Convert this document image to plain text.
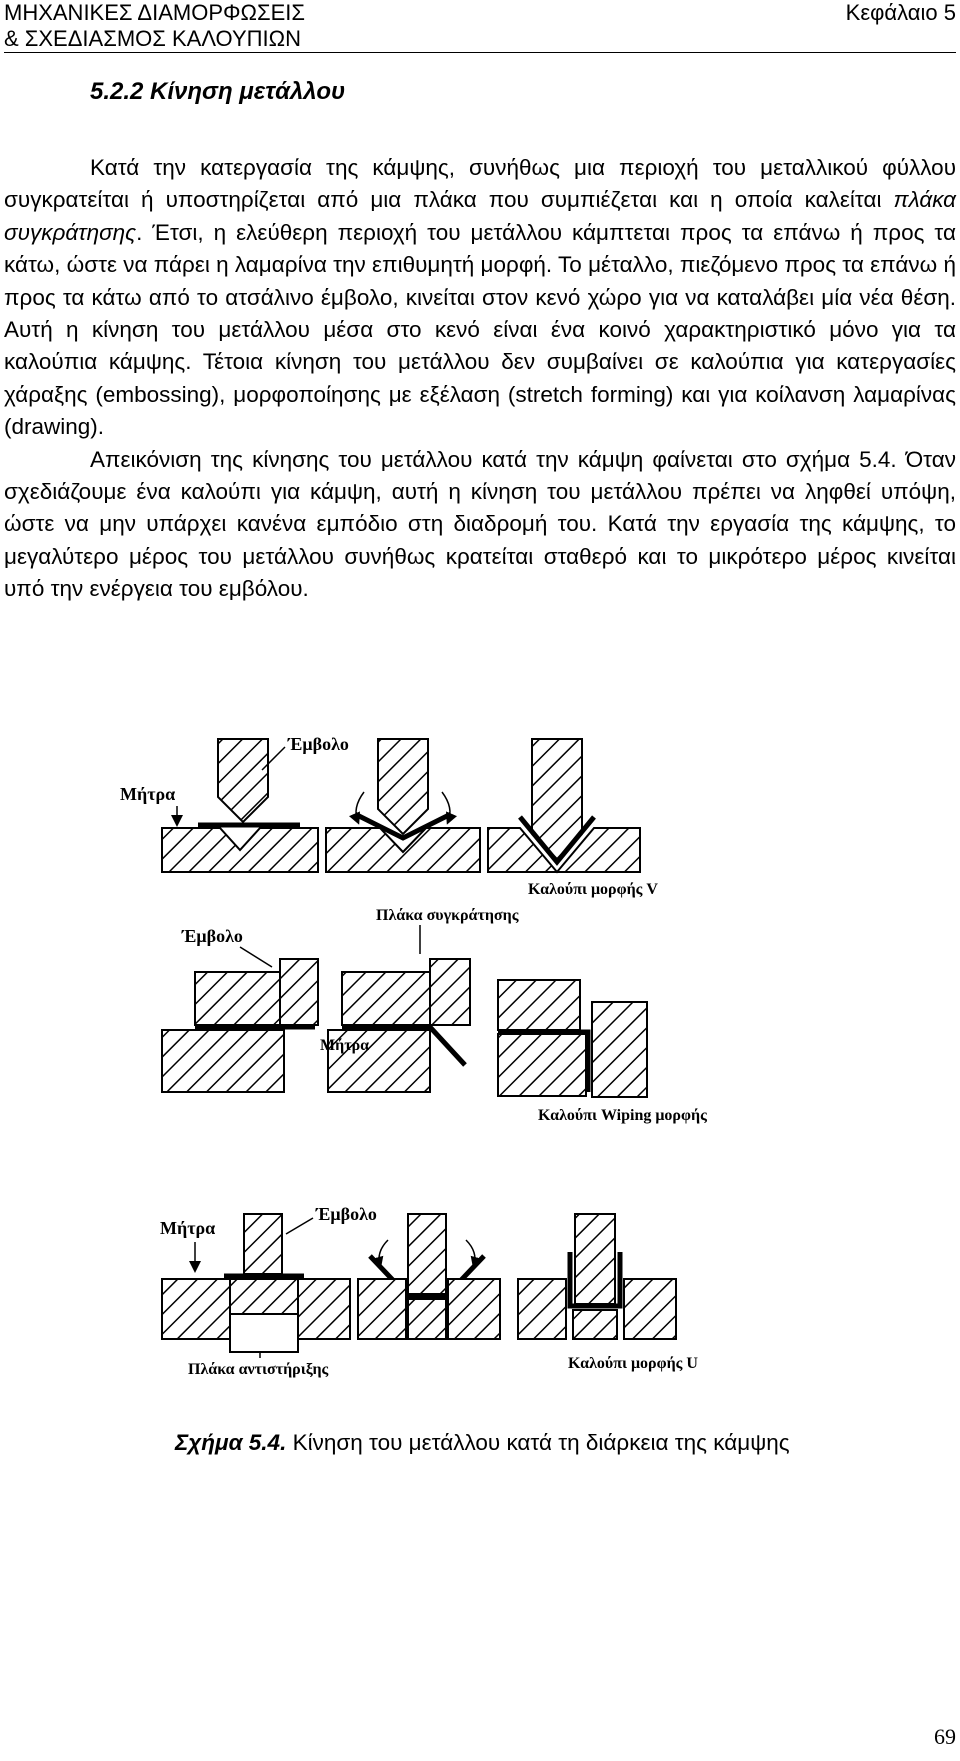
ΜΗΧΑΝΙΚΕΣ ΔΙΑΜΟΡΦΩΣΕΙΣ
& ΣΧΕΔΙΑΣΜΟΣ ΚΑΛΟΥΠΙΩΝ
Κεφάλαιο 5
5.2.2 Κίνηση μετάλλου

Κατά την κατεργασία της κάμψης, συνήθως μια περιοχή του μεταλλικού φύλλου συγκρατείται ή υποστηρίζεται από μια πλάκα που συμπιέζεται και η οποία καλείται πλάκα συγκράτησης. Έτσι, η ελεύθερη περιοχή του μετάλλου κάμπτεται προς τα επάνω ή προς τα κάτω, ώστε να πάρει η λαμαρίνα την επιθυμητή μορφή. Το μέταλλο, πιεζόμενο προς τα επάνω ή προς τα κάτω από το ατσάλινο έμβολο, κινείται στον κενό χώρο για να καταλάβει μία νέα θέση. Αυτή η κίνηση του μετάλλου μέσα στο κενό είναι ένα κοινό χαρακτηριστικό μόνο για τα καλούπια κάμψης. Τέτοια κίνηση του μετάλλου δεν συμβαίνει σε καλούπια για κατεργασίες χάραξης (embossing), μορφοποίησης με εξέλαση (stretch forming) και για κοίλανση λαμαρίνας (drawing).

Απεικόνιση της κίνησης του μετάλλου κατά την κάμψη φαίνεται στο σχήμα 5.4. Όταν σχεδιάζουμε ένα καλούπι για κάμψη, αυτή η κίνηση του μετάλλου πρέπει να ληφθεί υπόψη, ώστε να μην υπάρχει κανένα εμπόδιο στη διαδρομή του. Κατά την εργασία της κάμψης, το μεγαλύτερο μέρος του μετάλλου συνήθως κρατείται σταθερό και το μικρότερο μέρος κινείται υπό την ενέργεια του εμβόλου.

Έμβολο
Μήτρα
Καλούπι μορφής V
Πλάκα συγκράτησης
Έμβολο
Μήτρα
Καλούπι Wiping μορφής
Μήτρα
Έμβολο
Πλάκα αντιστήριξης	Καλούπι μορφής U
Σχήμα 5.4. Κίνηση του μετάλλου κατά τη διάρκεια της κάμψης
69
